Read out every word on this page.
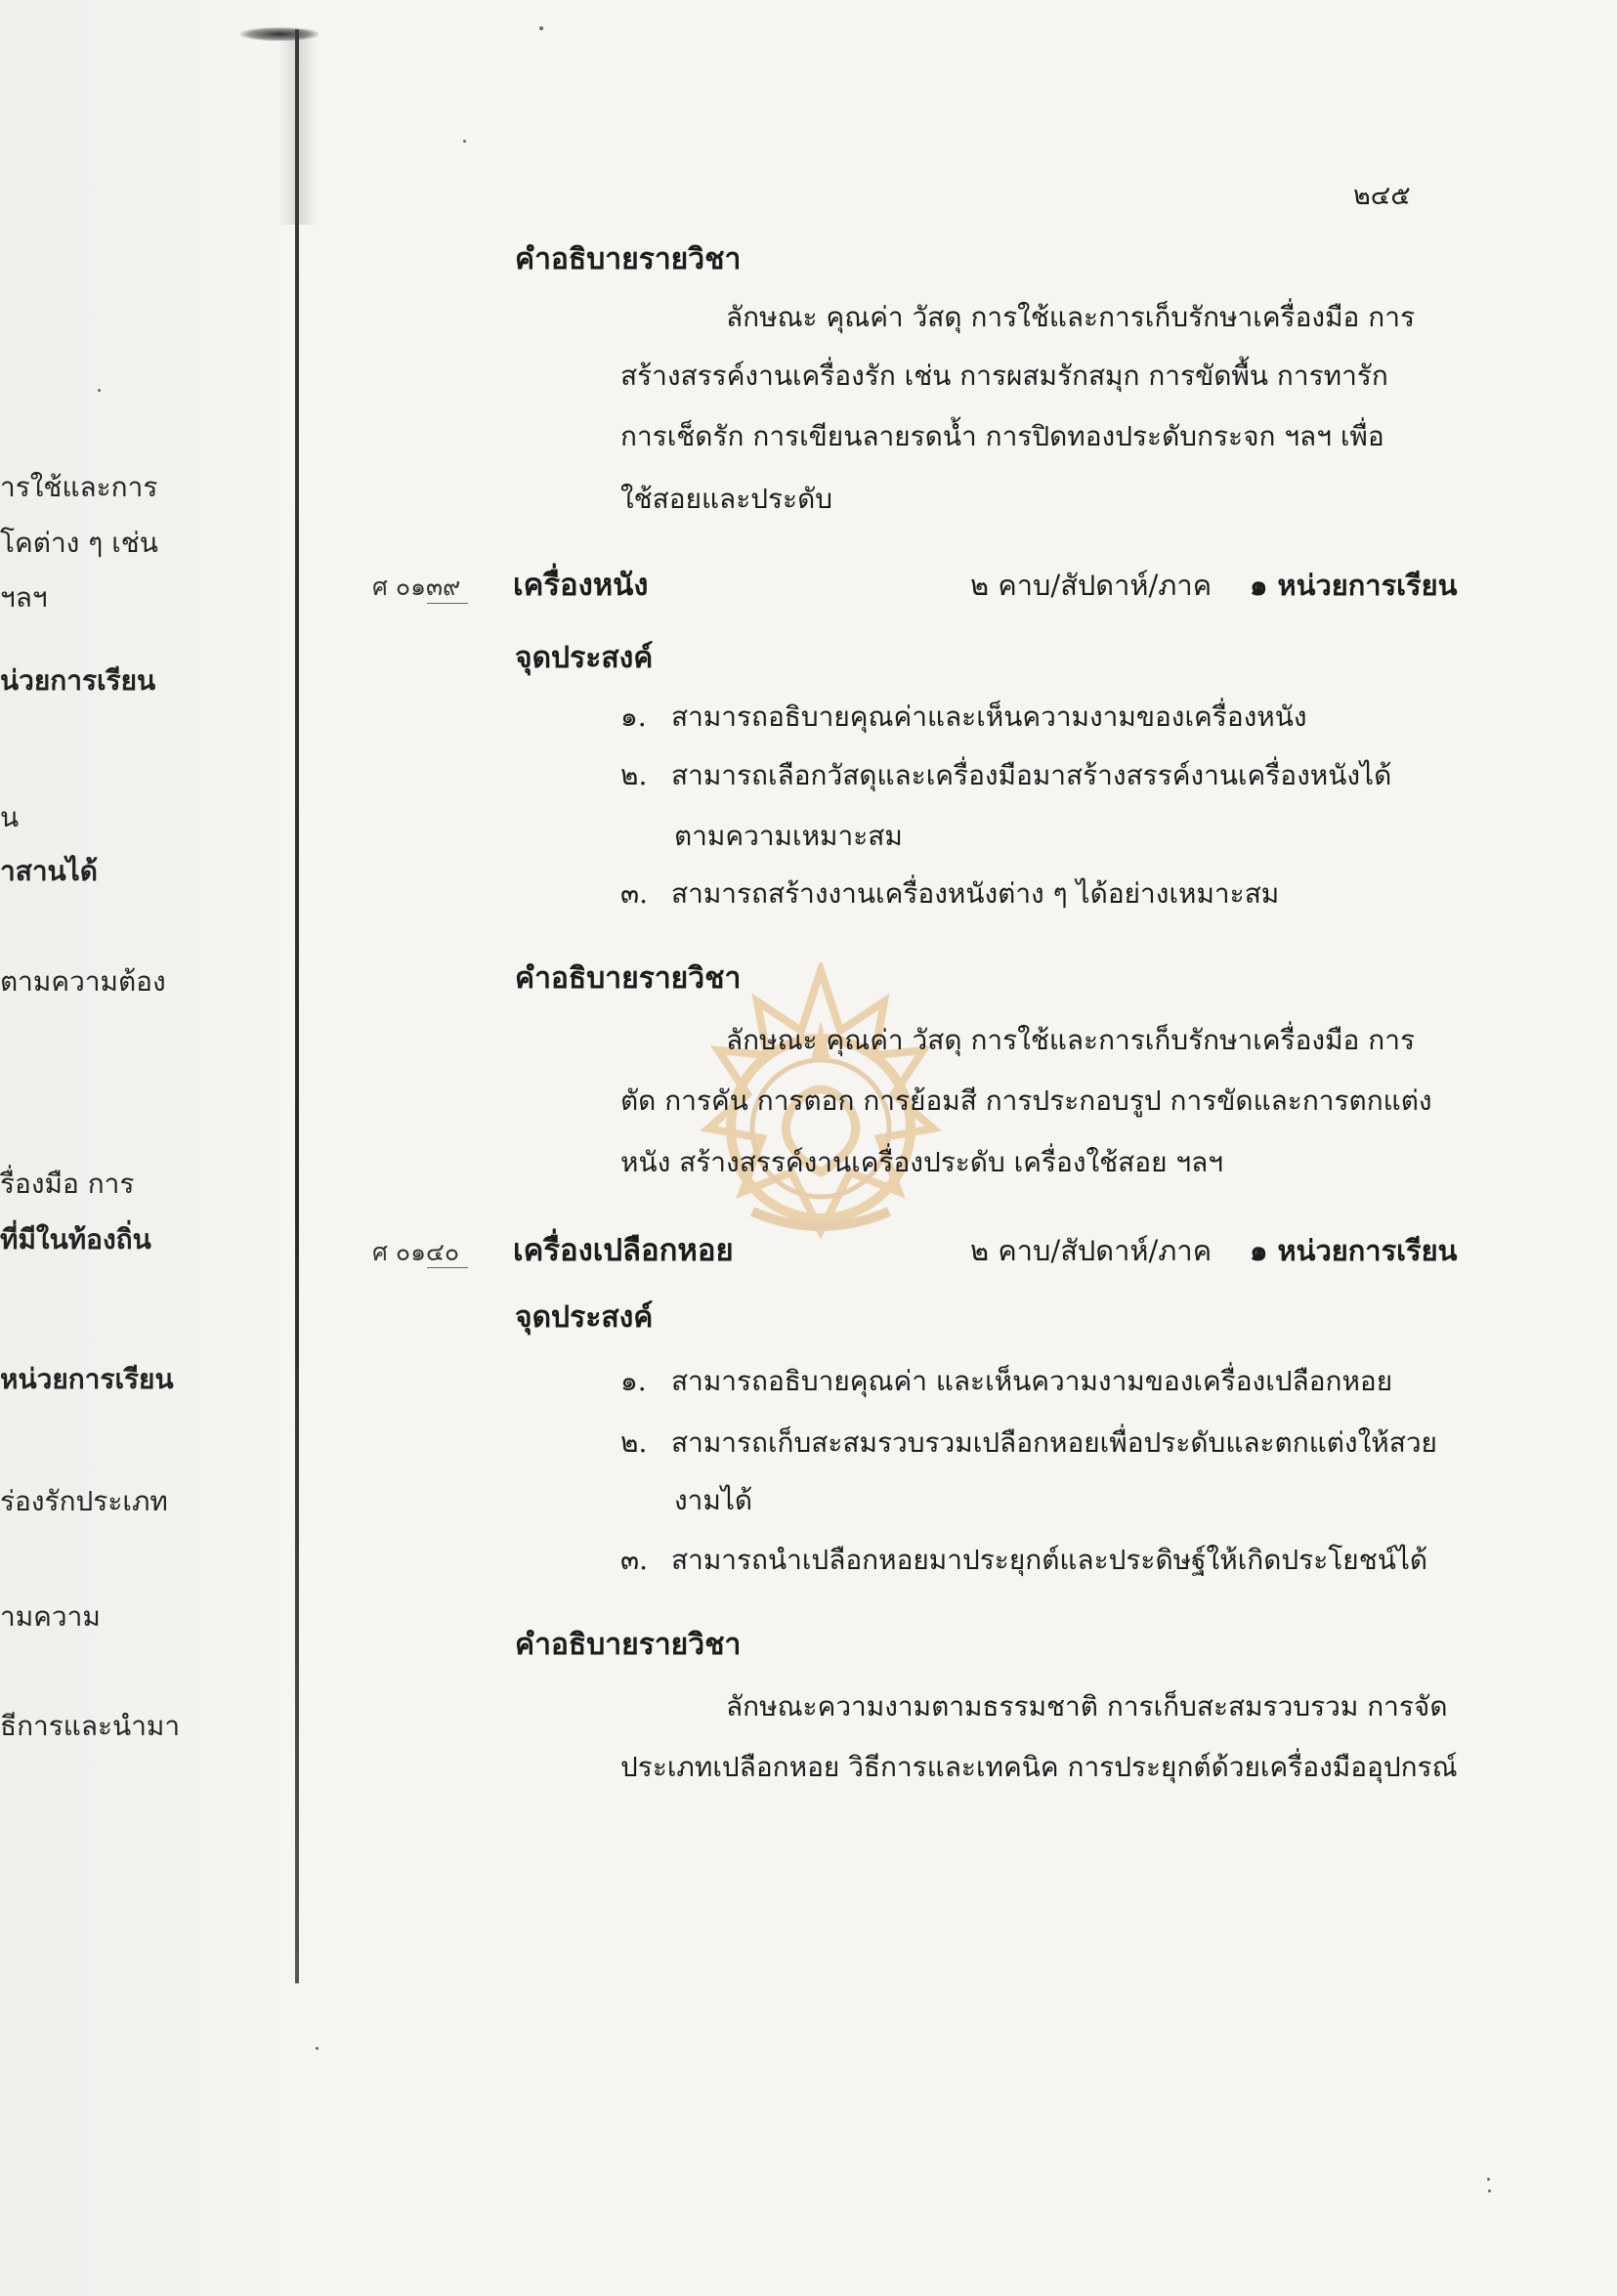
ารใช้และการ
โคต่าง ๆ เช่น
ฯลฯ
น่วยการเรียน
น
าสานได้
ตามความต้อง
รื่องมือ การ
ที่มีในท้องถิ่น
หน่วยการเรียน
ร่องรักประเภท
ามความ
ธีการและนำมา
๒๔๕
คำอธิบายรายวิชา
ลักษณะ คุณค่า วัสดุ การใช้และการเก็บรักษาเครื่องมือ การ
สร้างสรรค์งานเครื่องรัก เช่น การผสมรักสมุก การขัดพื้น การทารัก
การเช็ดรัก การเขียนลายรดน้ำ การปิดทองประดับกระจก ฯลฯ เพื่อ
ใช้สอยและประดับ
ศ ๐๑๓๙ เครื่องหนัง	๒ คาบ/สัปดาห์/ภาค ๑ หน่วยการเรียน
จุดประสงค์
๑. สามารถอธิบายคุณค่าและเห็นความงามของเครื่องหนัง
๒. สามารถเลือกวัสดุและเครื่องมือมาสร้างสรรค์งานเครื่องหนังได้
ตามความเหมาะสม
๓. สามารถสร้างงานเครื่องหนังต่าง ๆ ได้อย่างเหมาะสม
คำอธิบายรายวิชา
ลักษณะ คุณค่า วัสดุ การใช้และการเก็บรักษาเครื่องมือ การ
ตัด การคัน การตอก การย้อมสี การประกอบรูป การขัดและการตกแต่ง
หนัง สร้างสรรค์งานเครื่องประดับ เครื่องใช้สอย ฯลฯ
ศ ๐๑๔๐ เครื่องเปลือกหอย	๒ คาบ/สัปดาห์/ภาค ๑ หน่วยการเรียน
จุดประสงค์
๑. สามารถอธิบายคุณค่า และเห็นความงามของเครื่องเปลือกหอย
๒. สามารถเก็บสะสมรวบรวมเปลือกหอยเพื่อประดับและตกแต่งให้สวย
งามได้
๓. สามารถนำเปลือกหอยมาประยุกต์และประดิษฐ์ให้เกิดประโยชน์ได้
คำอธิบายรายวิชา
ลักษณะความงามตามธรรมชาติ การเก็บสะสมรวบรวม การจัด
ประเภทเปลือกหอย วิธีการและเทคนิค การประยุกต์ด้วยเครื่องมืออุปกรณ์
